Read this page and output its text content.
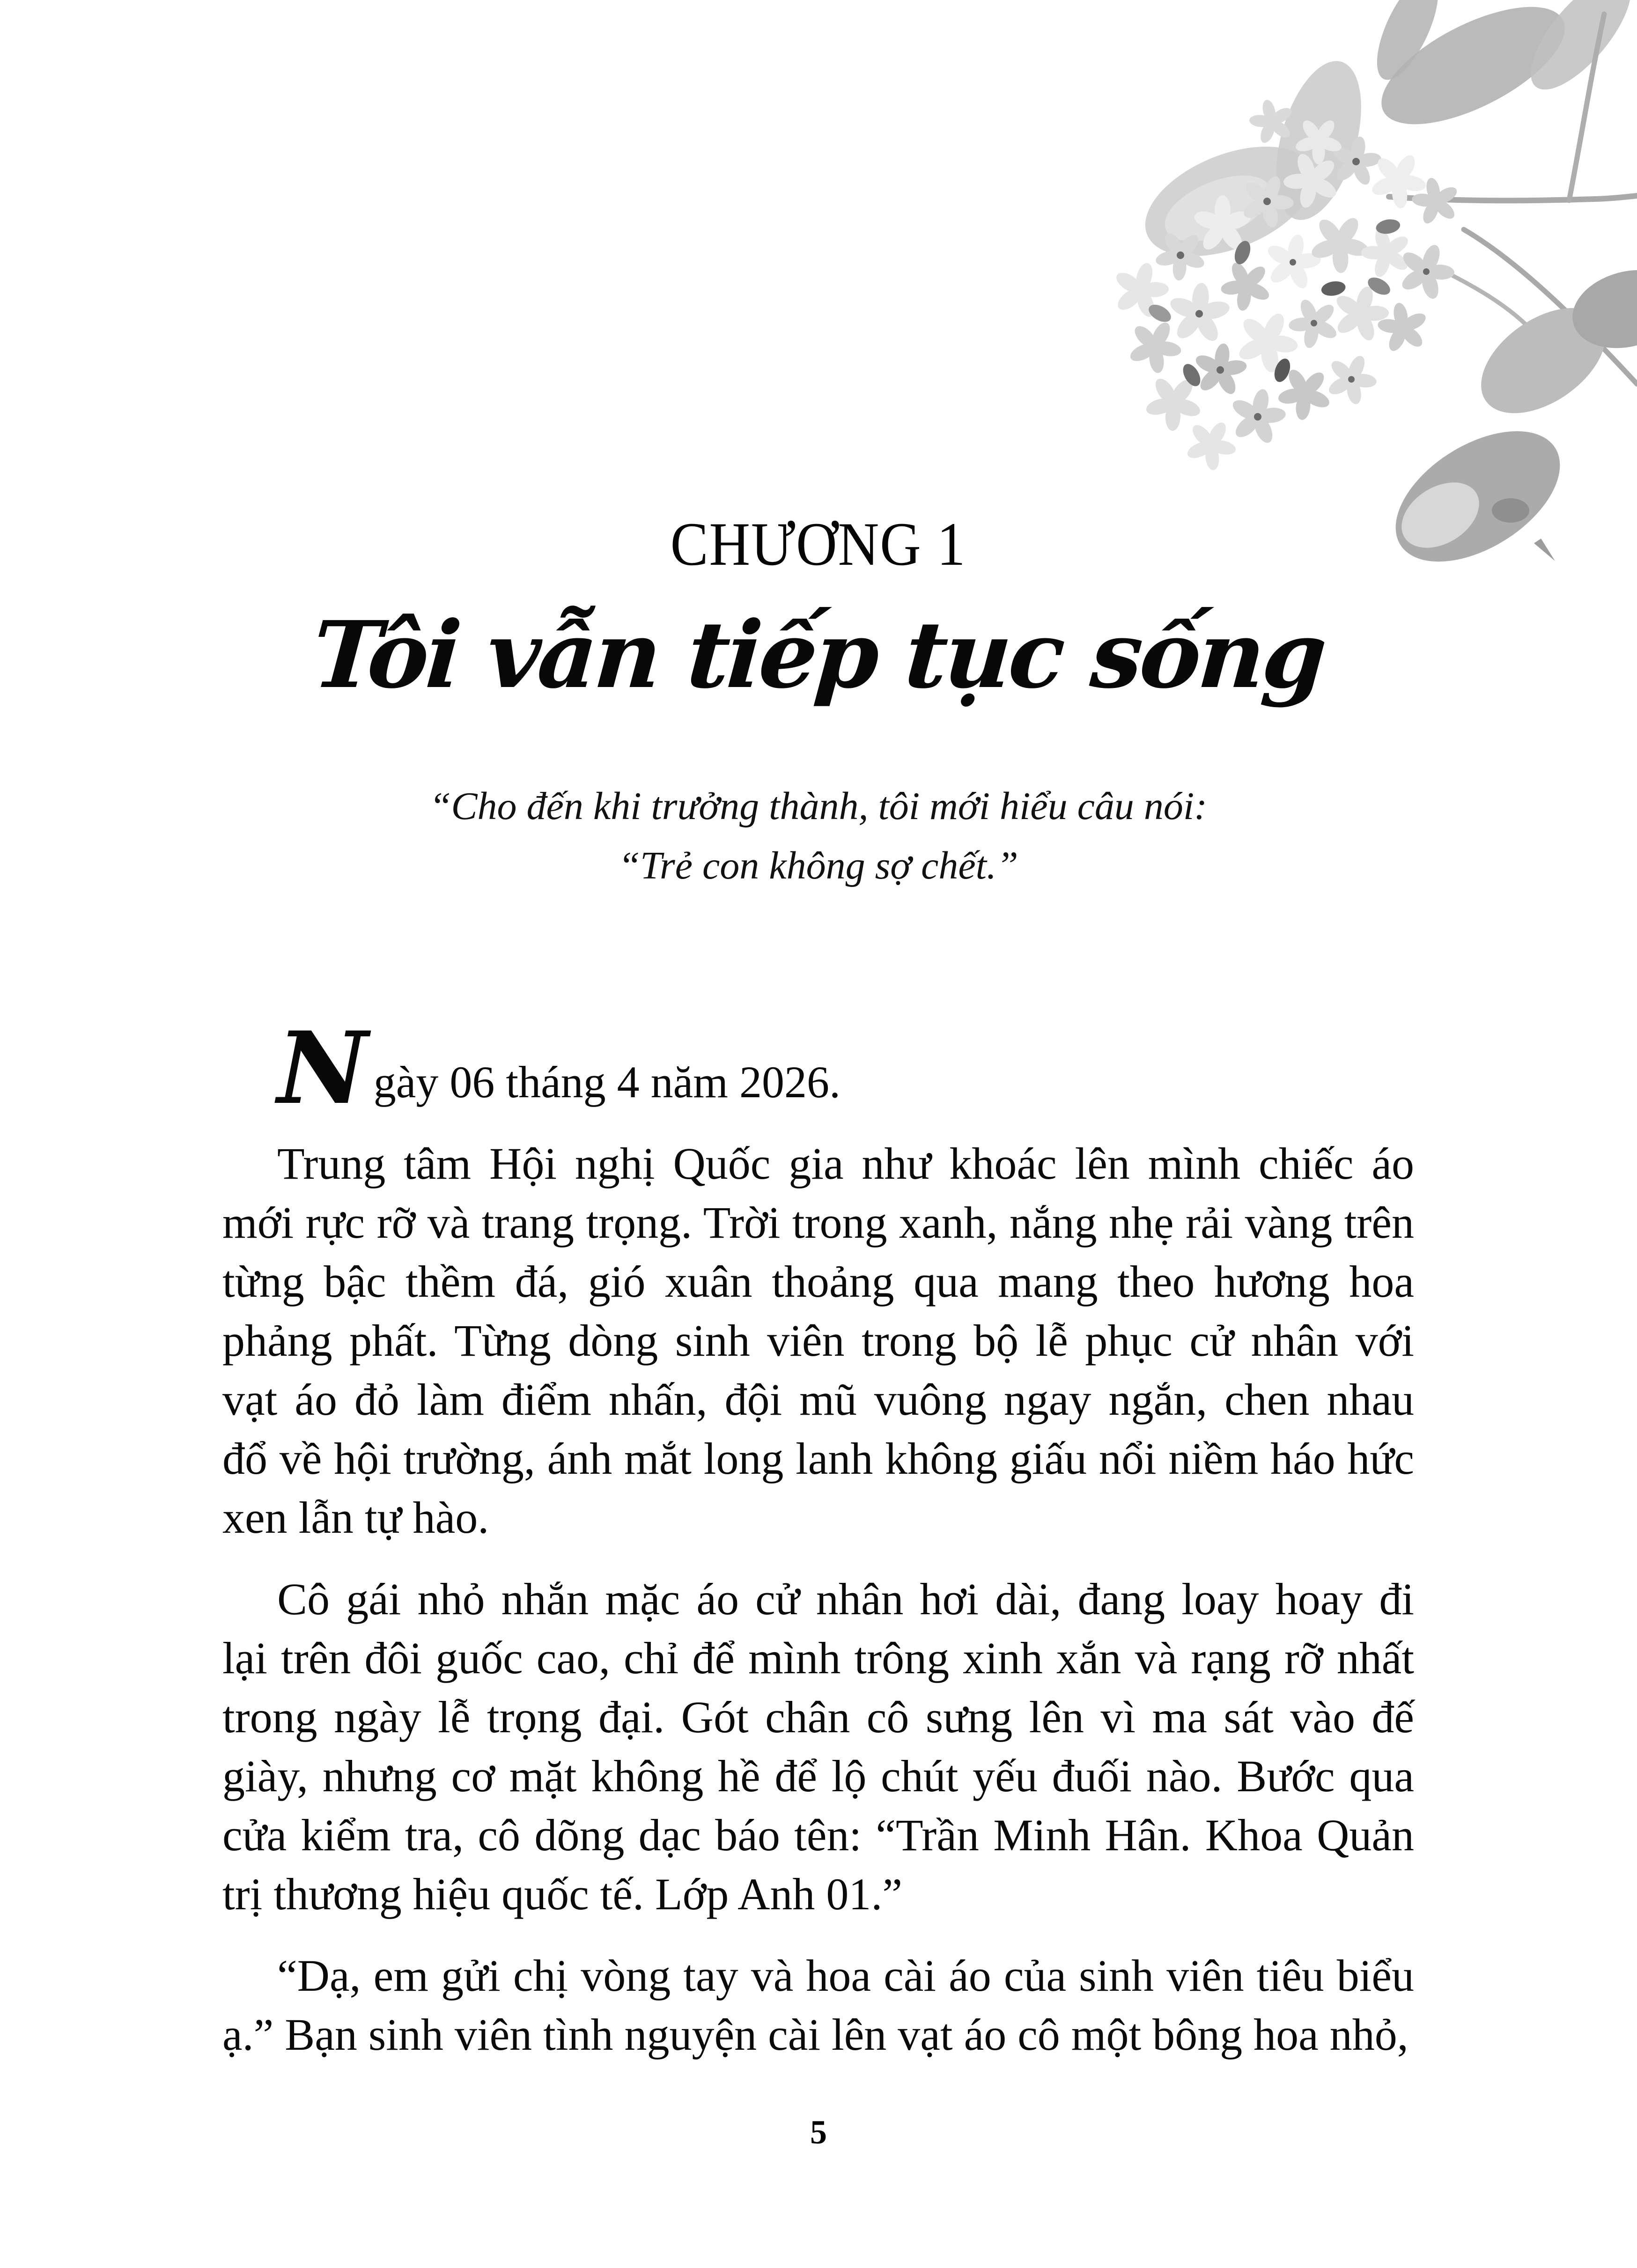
CHƯƠNG 1
Tôi vẫn tiếp tục sống
“Cho đến khi trưởng thành, tôi mới hiểu câu nói:
“Trẻ con không sợ chết.”
Ngày 06 tháng 4 năm 2026.
Trung tâm Hội nghị Quốc gia như khoác lên mình chiếc áo
mới rực rỡ và trang trọng. Trời trong xanh, nắng nhẹ rải vàng trên
từng bậc thềm đá, gió xuân thoảng qua mang theo hương hoa
phảng phất. Từng dòng sinh viên trong bộ lễ phục cử nhân với
vạt áo đỏ làm điểm nhấn, đội mũ vuông ngay ngắn, chen nhau
đổ về hội trường, ánh mắt long lanh không giấu nổi niềm háo hức
xen lẫn tự hào.
Cô gái nhỏ nhắn mặc áo cử nhân hơi dài, đang loay hoay đi
lại trên đôi guốc cao, chỉ để mình trông xinh xắn và rạng rỡ nhất
trong ngày lễ trọng đại. Gót chân cô sưng lên vì ma sát vào đế
giày, nhưng cơ mặt không hề để lộ chút yếu đuối nào. Bước qua
cửa kiểm tra, cô dõng dạc báo tên: “Trần Minh Hân. Khoa Quản
trị thương hiệu quốc tế. Lớp Anh 01.”
“Dạ, em gửi chị vòng tay và hoa cài áo của sinh viên tiêu biểu
ạ.” Bạn sinh viên tình nguyện cài lên vạt áo cô một bông hoa nhỏ,
5
